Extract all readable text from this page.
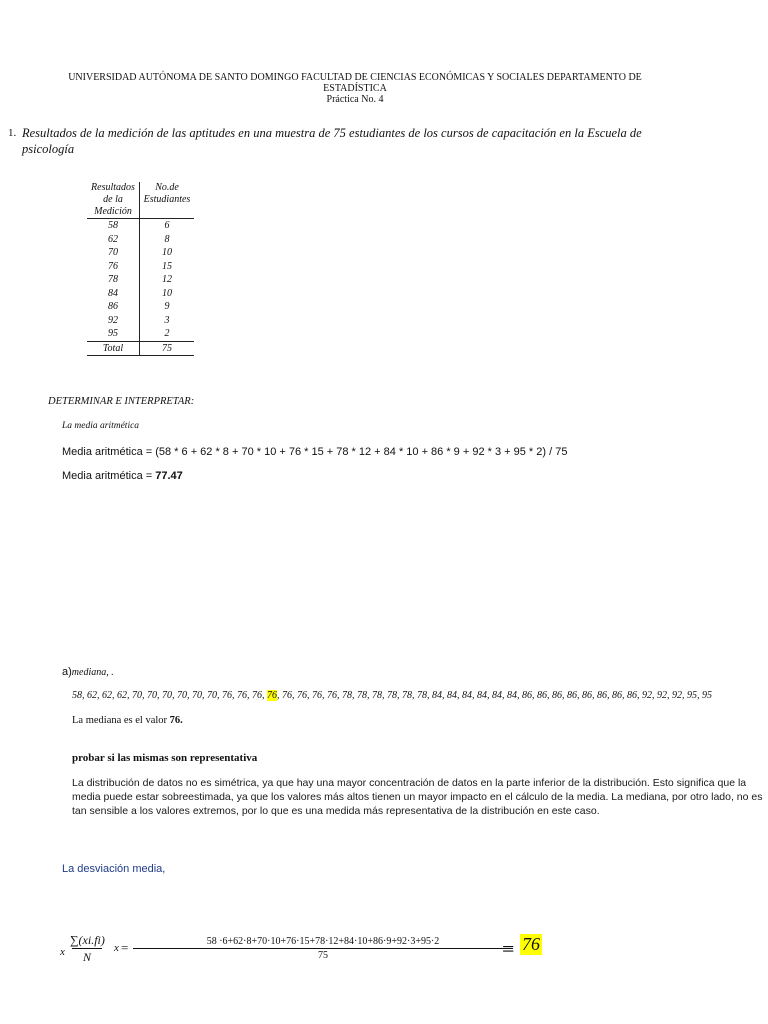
UNIVERSIDAD AUTÓNOMA DE SANTO DOMINGO FACULTAD DE CIENCIAS ECONÓMICAS Y SOCIALES DEPARTAMENTO DE
ESTADÍSTICA
Práctica No. 4
1. Resultados de la medición de las aptitudes en una muestra de 75 estudiantes de los cursos de capacitación en la Escuela de psicología
Resultados de la Medición	No.de Estudiantes
58	6
62	8
70	10
76	15
78	12
84	10
86	9
92	3
95	2
Total	75
DETERMINAR E INTERPRETAR:
La media aritmética
Media aritmética = (58 * 6 + 62 * 8 + 70 * 10 + 76 * 15 + 78 * 12 + 84 * 10 + 86 * 9 + 92 * 3 + 95 * 2) / 75
Media aritmética = 77.47
a)mediana, .
58, 62, 62, 62, 70, 70, 70, 70, 70, 70, 76, 76, 76, 76, 76, 76, 76, 76, 78, 78, 78, 78, 78, 78, 84, 84, 84, 84, 84, 84, 86, 86, 86, 86, 86, 86, 86, 86, 92, 92, 92, 95, 95
La mediana es el valor 76.
probar si las mismas son representativa
La distribución de datos no es simétrica, ya que hay una mayor concentración de datos en la parte inferior de la distribución. Esto significa que la media puede estar sobreestimada, ya que los valores más altos tienen un mayor impacto en el cálculo de la media. La mediana, por otro lado, no es tan sensible a los valores extremos, por lo que es una medida más representativa de la distribución en este caso.
La desviación media,
x
∑(xi.fi)
N
x =	58 ·6+62·8+70·10+76·15+78·12+84·10+86·9+92·3+95·2
75	= 76
